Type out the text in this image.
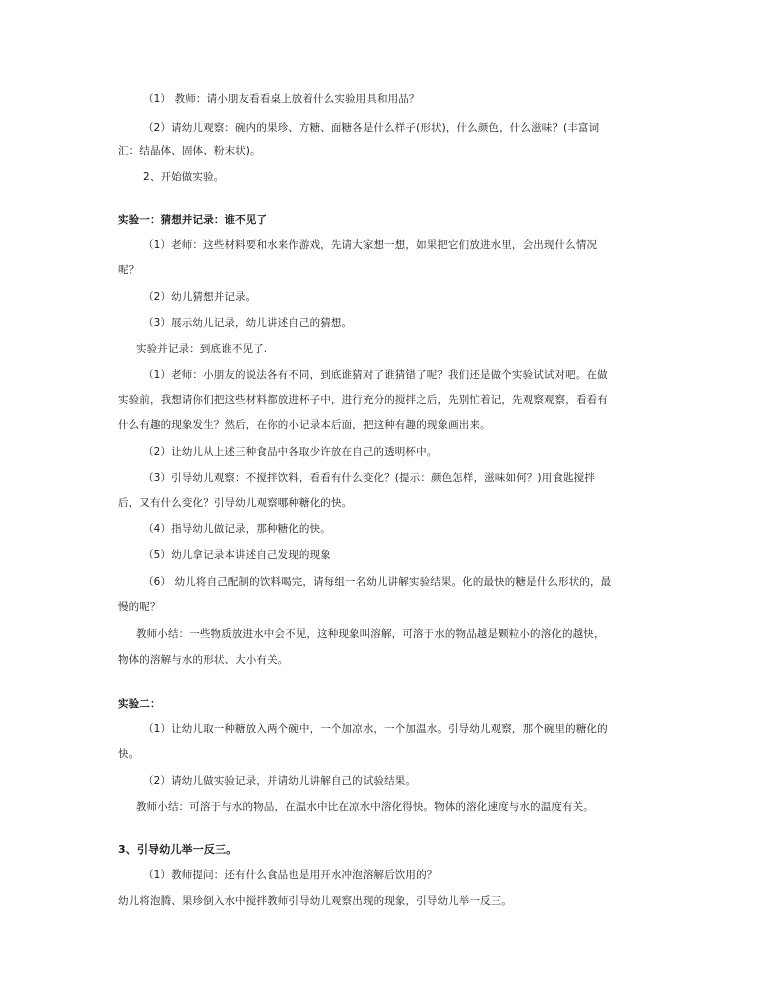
（1） 教师：请小朋友看看桌上放着什么实验用具和用品？
（2）请幼儿观察：碗内的果珍、方糖、面糖各是什么样子(形状)，什么颜色，什么滋味？(丰富词
汇：结晶体、固体、粉末状)。
2、开始做实验。
实验一：猜想并记录：谁不见了
（1）老师：这些材料要和水来作游戏，先请大家想一想，如果把它们放进水里，会出现什么情况
呢？
（2）幼儿猜想并记录。
（3）展示幼儿记录，幼儿讲述自己的猜想。
实验并记录：到底谁不见了.
（1）老师：小朋友的说法各有不同，到底谁猜对了谁猜错了呢？我们还是做个实验试试对吧。在做
实验前，我想请你们把这些材料都放进杯子中，进行充分的搅拌之后，先别忙着记，先观察观察，看看有
什么有趣的现象发生？然后，在你的小记录本后面，把这种有趣的现象画出来。
（2）让幼儿从上述三种食品中各取少许放在自己的透明杯中。
（3）引导幼儿观察：不搅拌饮料，看看有什么变化？(提示：颜色怎样，滋味如何？)用食匙搅拌
后，又有什么变化？引导幼儿观察哪种糖化的快。
（4）指导幼儿做记录，那种糖化的快。
（5）幼儿拿记录本讲述自己发现的现象
（6） 幼儿将自己配制的饮料喝完，请每组一名幼儿讲解实验结果。化的最快的糖是什么形状的，最
慢的呢？
教师小结：一些物质放进水中会不见，这种现象叫溶解，可溶于水的物品越是颗粒小的溶化的越快，
物体的溶解与水的形状、大小有关。
实验二：
（1）让幼儿取一种糖放入两个碗中，一个加凉水，一个加温水。引导幼儿观察，那个碗里的糖化的
快。
（2）请幼儿做实验记录，并请幼儿讲解自己的试验结果。
教师小结：可溶于与水的物品，在温水中比在凉水中溶化得快。物体的溶化速度与水的温度有关。
3、引导幼儿举一反三。
（1）教师提问：还有什么食品也是用开水冲泡溶解后饮用的？
幼儿将泡腾、果珍倒入水中搅拌教师引导幼儿观察出现的现象，引导幼儿举一反三。
